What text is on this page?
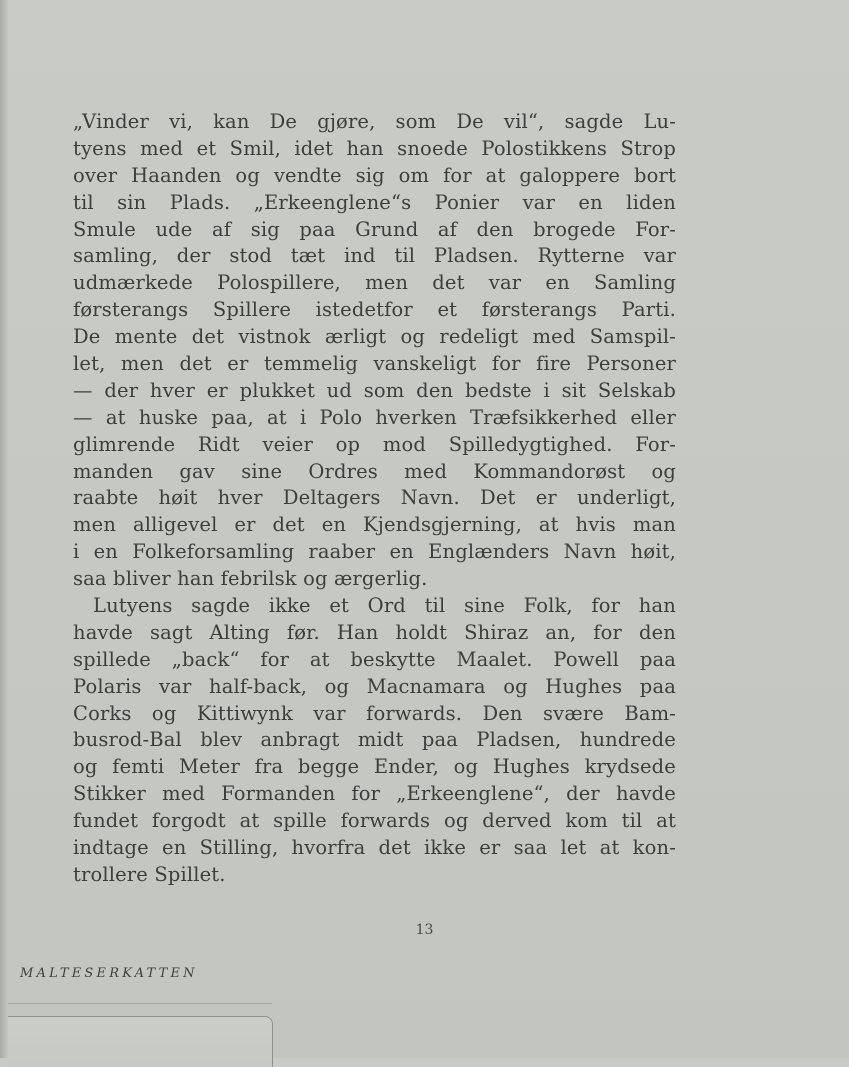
„Vinder vi, kan De gjøre, som De vil“, sagde Lu-
tyens med et Smil, idet han snoede Polostikkens Strop
over Haanden og vendte sig om for at galoppere bort
til sin Plads. „Erkeenglene“s Ponier var en liden
Smule ude af sig paa Grund af den brogede For-
samling, der stod tæt ind til Pladsen. Rytterne var
udmærkede Polospillere, men det var en Samling
førsterangs Spillere istedetfor et førsterangs Parti.
De mente det vistnok ærligt og redeligt med Samspil-
let, men det er temmelig vanskeligt for fire Personer
— der hver er plukket ud som den bedste i sit Selskab
— at huske paa, at i Polo hverken Træfsikkerhed eller
glimrende Ridt veier op mod Spilledygtighed. For-
manden gav sine Ordres med Kommandorøst og
raabte høit hver Deltagers Navn. Det er underligt,
men alligevel er det en Kjendsgjerning, at hvis man
i en Folkeforsamling raaber en Englænders Navn høit,
saa bliver han febrilsk og ærgerlig.
Lutyens sagde ikke et Ord til sine Folk, for han
havde sagt Alting før. Han holdt Shiraz an, for den
spillede „back“ for at beskytte Maalet. Powell paa
Polaris var half-back, og Macnamara og Hughes paa
Corks og Kittiwynk var forwards. Den svære Bam-
busrod-Bal blev anbragt midt paa Pladsen, hundrede
og femti Meter fra begge Ender, og Hughes krydsede
Stikker med Formanden for „Erkeenglene“, der havde
fundet forgodt at spille forwards og derved kom til at
indtage en Stilling, hvorfra det ikke er saa let at kon-
trollere Spillet.
13
MALTESERKATTEN
